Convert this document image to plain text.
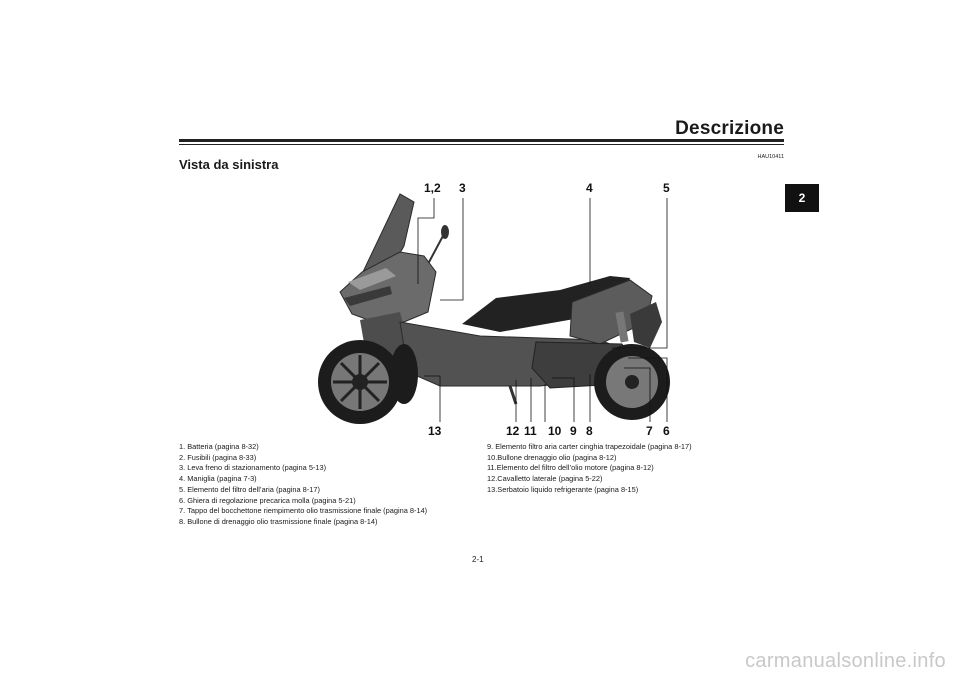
Descrizione
Vista da sinistra	HAU10411
2
1,2 3	4	5
13	12 11 10 9 8	7 6
1. Batteria (pagina 8-32)
2. Fusibili (pagina 8-33)
3. Leva freno di stazionamento (pagina 5-13)
4. Maniglia (pagina 7-3)
5. Elemento del filtro dell’aria (pagina 8-17)
6. Ghiera di regolazione precarica molla (pagina 5-21)
7. Tappo del bocchettone riempimento olio trasmissione finale (pagina 8-14)
8. Bullone di drenaggio olio trasmissione finale (pagina 8-14)
9. Elemento filtro aria carter cinghia trapezoidale (pagina 8-17)
10. Bullone drenaggio olio (pagina 8-12)
11. Elemento del filtro dell’olio motore (pagina 8-12)
12. Cavalletto laterale (pagina 5-22)
13. Serbatoio liquido refrigerante (pagina 8-15)
2-1
carmanualsonline.info
